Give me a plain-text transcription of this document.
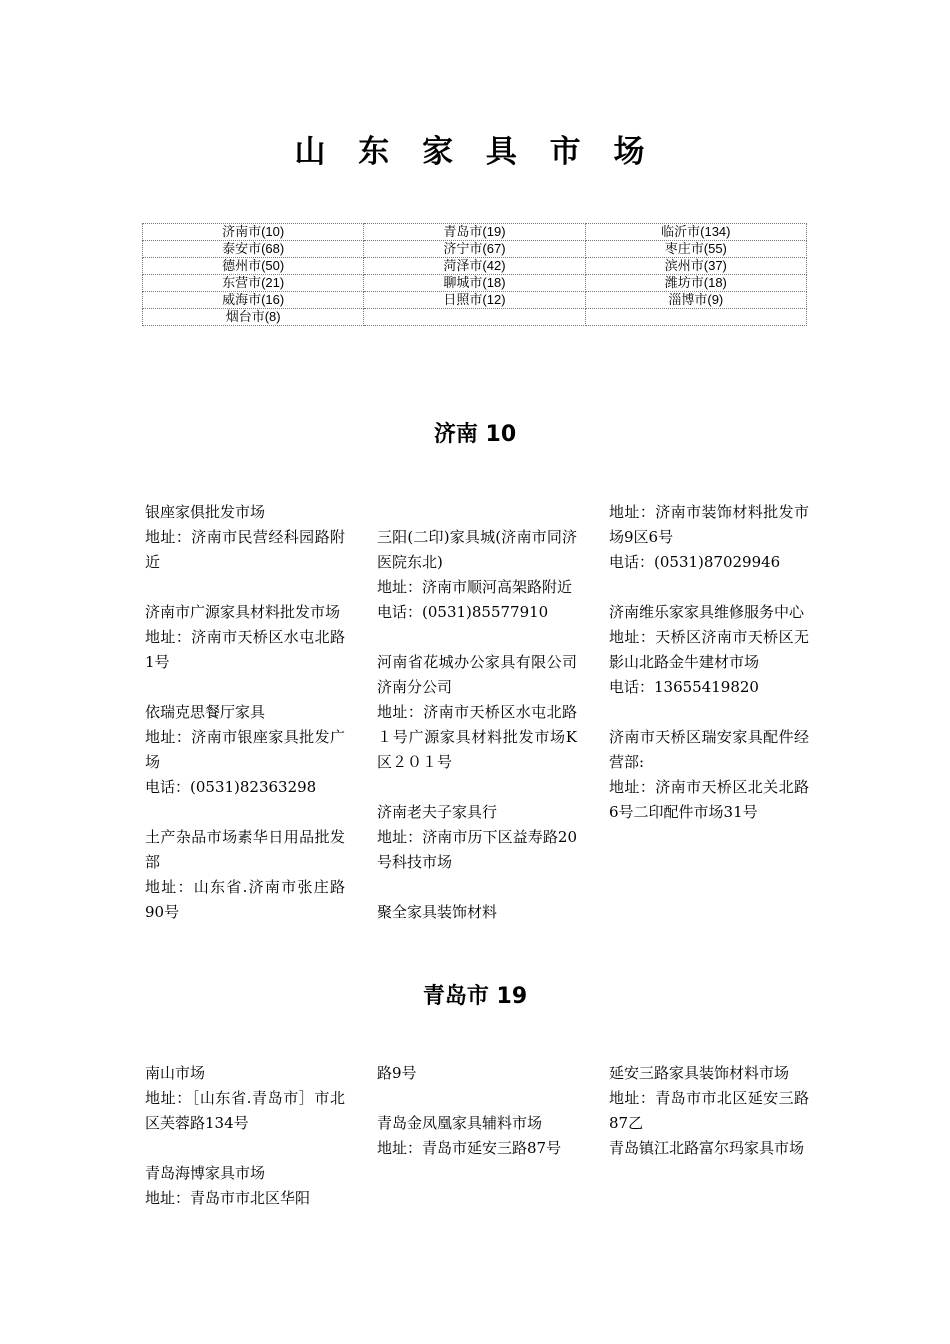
山 东 家 具 市 场
济南市(10)	青岛市(19)	临沂市(134)
泰安市(68)	济宁市(67)	枣庄市(55)
德州市(50)	菏泽市(42)	滨州市(37)
东营市(21)	聊城市(18)	潍坊市(18)
威海市(16)	日照市(12)	淄博市(9)
烟台市(8)		
济南 10

银座家俱批发市场

地址：济南市民营经科园路附近

济南市广源家具材料批发市场

地址：济南市天桥区水屯北路1号

依瑞克思餐厅家具

地址：济南市银座家具批发广场

电话：(0531)82363298

土产杂品市场素华日用品批发部

地址：山东省.济南市张庄路90号

三阳(二印)家具城(济南市同济医院东北)

地址：济南市顺河高架路附近

电话：(0531)85577910

河南省花城办公家具有限公司济南分公司

地址：济南市天桥区水屯北路１号广源家具材料批发市场K区２０１号

济南老夫子家具行

地址：济南市历下区益寿路20号科技市场

聚全家具装饰材料

地址：济南市装饰材料批发市场9区6号

电话：(0531)87029946

济南维乐家家具维修服务中心

地址：天桥区济南市天桥区无影山北路金牛建材市场

电话：13655419820

济南市天桥区瑞安家具配件经营部:

地址：济南市天桥区北关北路6号二印配件市场31号

青岛市 19

南山市场

地址：［山东省.青岛市］市北区芙蓉路134号

青岛海博家具市场

地址：青岛市市北区华阳

路9号

青岛金凤凰家具辅料市场

地址：青岛市延安三路87号

延安三路家具装饰材料市场

地址：青岛市市北区延安三路87乙

青岛镇江北路富尔玛家具市场
